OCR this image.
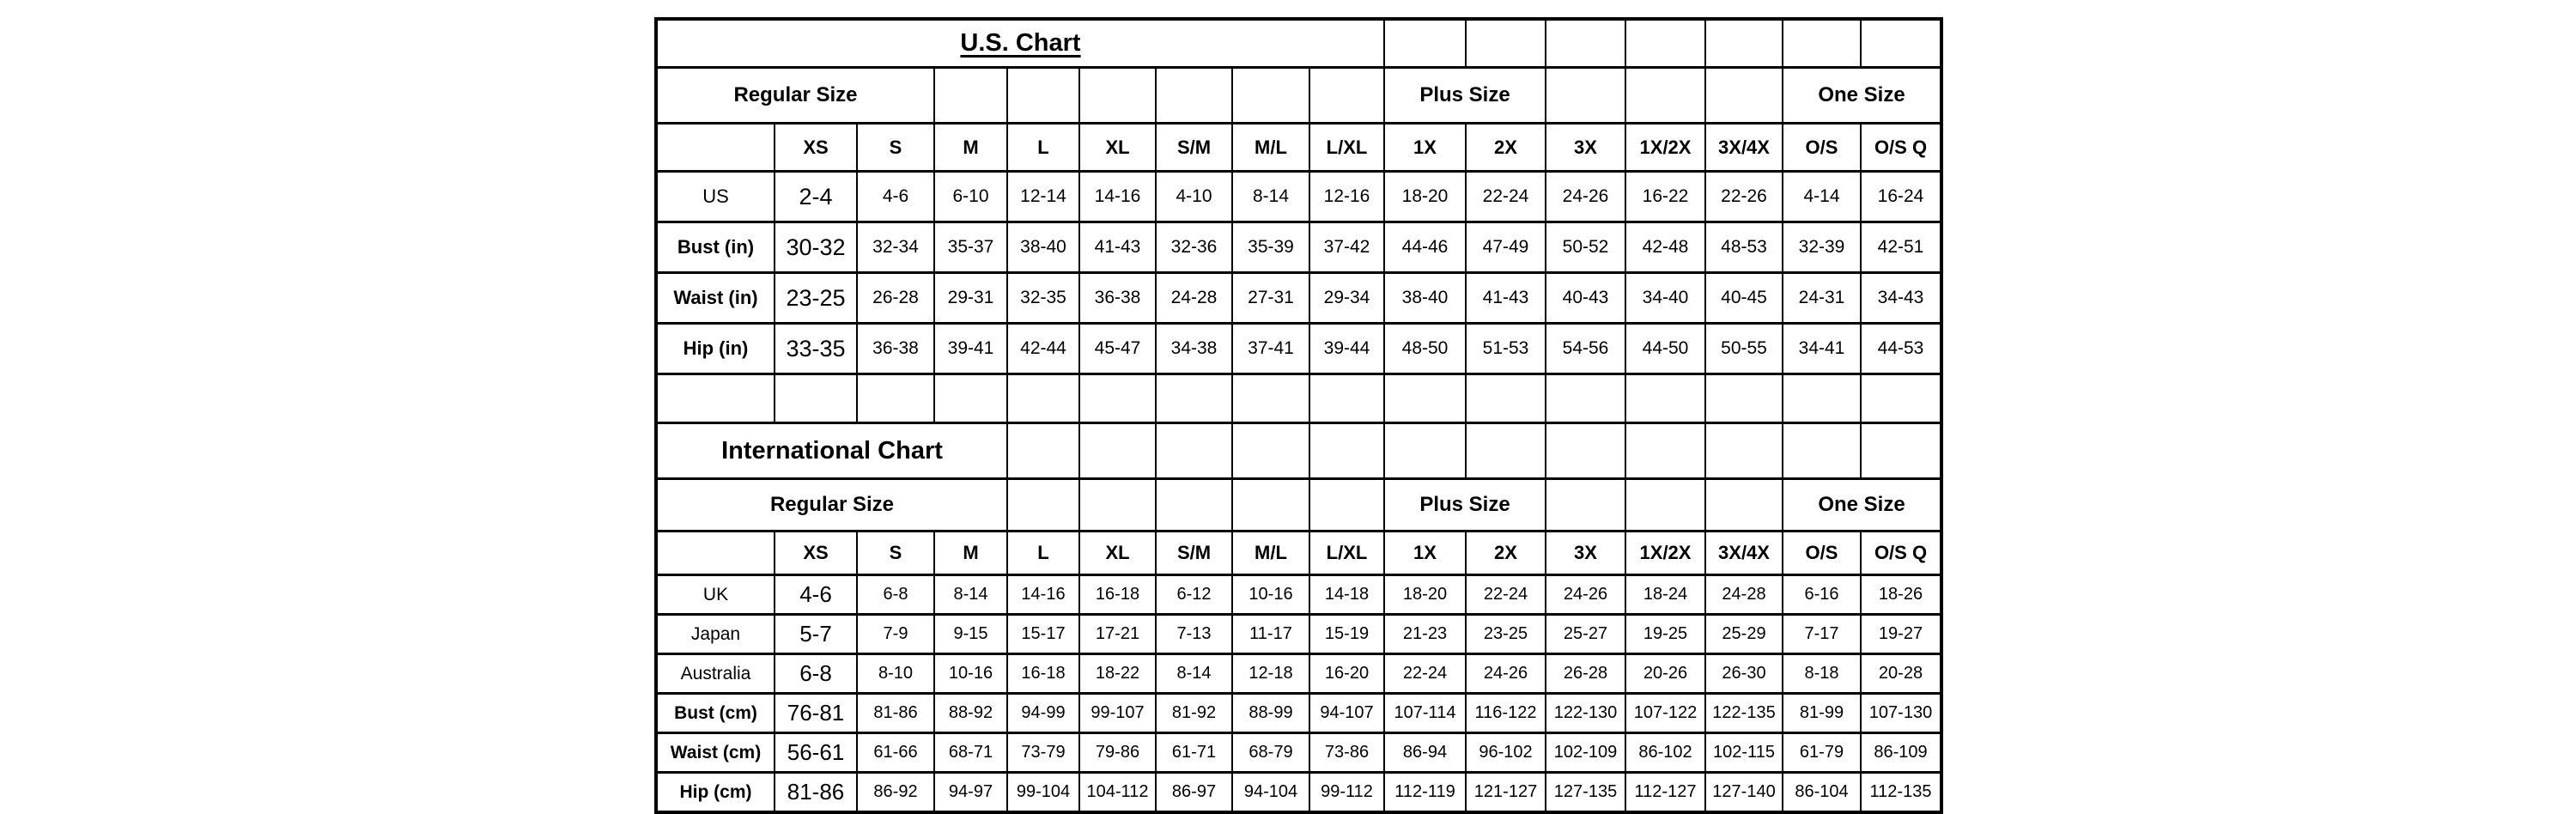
U.S. Chart															
Regular Size									Plus Size					One Size	
	XS	S	M	L	XL	S/M	M/L	L/XL	1X	2X	3X	1X/2X	3X/4X	O/S	O/S Q
US	2-4	4-6	6-10	12-14	14-16	4-10	8-14	12-16	18-20	22-24	24-26	16-22	22-26	4-14	16-24
Bust (in)	30-32	32-34	35-37	38-40	41-43	32-36	35-39	37-42	44-46	47-49	50-52	42-48	48-53	32-39	42-51
Waist (in)	23-25	26-28	29-31	32-35	36-38	24-28	27-31	29-34	38-40	41-43	40-43	34-40	40-45	24-31	34-43
Hip (in)	33-35	36-38	39-41	42-44	45-47	34-38	37-41	39-44	48-50	51-53	54-56	44-50	50-55	34-41	44-53

International Chart															
Regular Size									Plus Size					One Size	
	XS	S	M	L	XL	S/M	M/L	L/XL	1X	2X	3X	1X/2X	3X/4X	O/S	O/S Q
UK	4-6	6-8	8-14	14-16	16-18	6-12	10-16	14-18	18-20	22-24	24-26	18-24	24-28	6-16	18-26
Japan	5-7	7-9	9-15	15-17	17-21	7-13	11-17	15-19	21-23	23-25	25-27	19-25	25-29	7-17	19-27
Australia	6-8	8-10	10-16	16-18	18-22	8-14	12-18	16-20	22-24	24-26	26-28	20-26	26-30	8-18	20-28
Bust (cm)	76-81	81-86	88-92	94-99	99-107	81-92	88-99	94-107	107-114	116-122	122-130	107-122	122-135	81-99	107-130
Waist (cm)	56-61	61-66	68-71	73-79	79-86	61-71	68-79	73-86	86-94	96-102	102-109	86-102	102-115	61-79	86-109
Hip (cm)	81-86	86-92	94-97	99-104	104-112	86-97	94-104	99-112	112-119	121-127	127-135	112-127	127-140	86-104	112-135
